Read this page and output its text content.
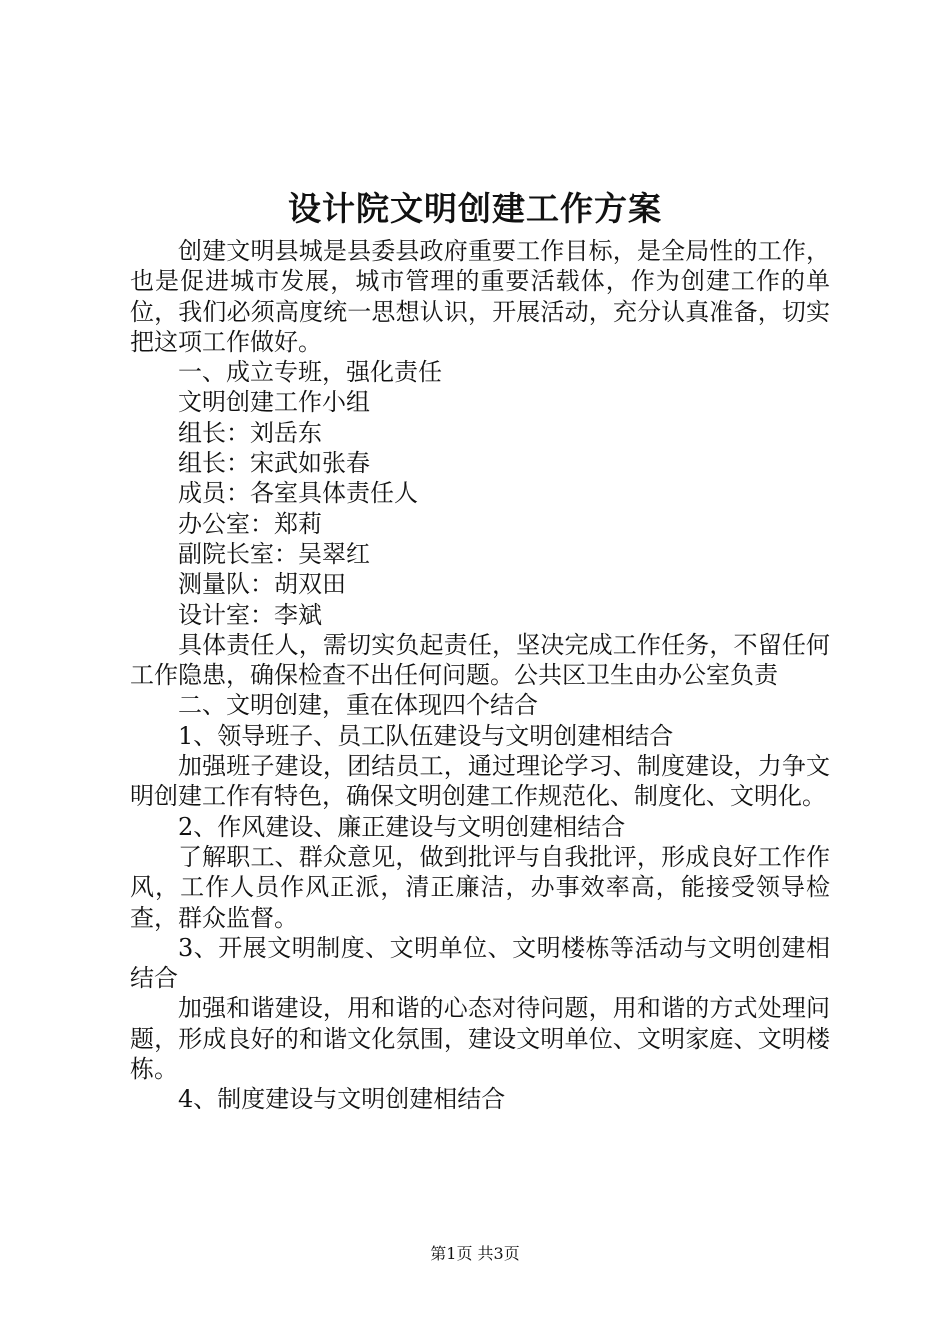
设计院文明创建工作方案

创建文明县城是县委县政府重要工作目标，是全局性的工作，也是促进城市发展，城市管理的重要活载体，作为创建工作的单位，我们必须高度统一思想认识，开展活动，充分认真准备，切实把这项工作做好。

一、成立专班，强化责任

文明创建工作小组

组长：刘岳东

组长：宋武如张春

成员：各室具体责任人

办公室：郑莉

副院长室：吴翠红

测量队：胡双田

设计室：李斌

具体责任人，需切实负起责任，坚决完成工作任务，不留任何工作隐患，确保检查不出任何问题。公共区卫生由办公室负责

二、文明创建，重在体现四个结合

1、领导班子、员工队伍建设与文明创建相结合

加强班子建设，团结员工，通过理论学习、制度建设，力争文明创建工作有特色，确保文明创建工作规范化、制度化、文明化。

2、作风建设、廉正建设与文明创建相结合

了解职工、群众意见，做到批评与自我批评，形成良好工作作风，工作人员作风正派，清正廉洁，办事效率高，能接受领导检查，群众监督。

3、开展文明制度、文明单位、文明楼栋等活动与文明创建相结合

加强和谐建设，用和谐的心态对待问题，用和谐的方式处理问题，形成良好的和谐文化氛围，建设文明单位、文明家庭、文明楼栋。

4、制度建设与文明创建相结合

第1页 共3页
